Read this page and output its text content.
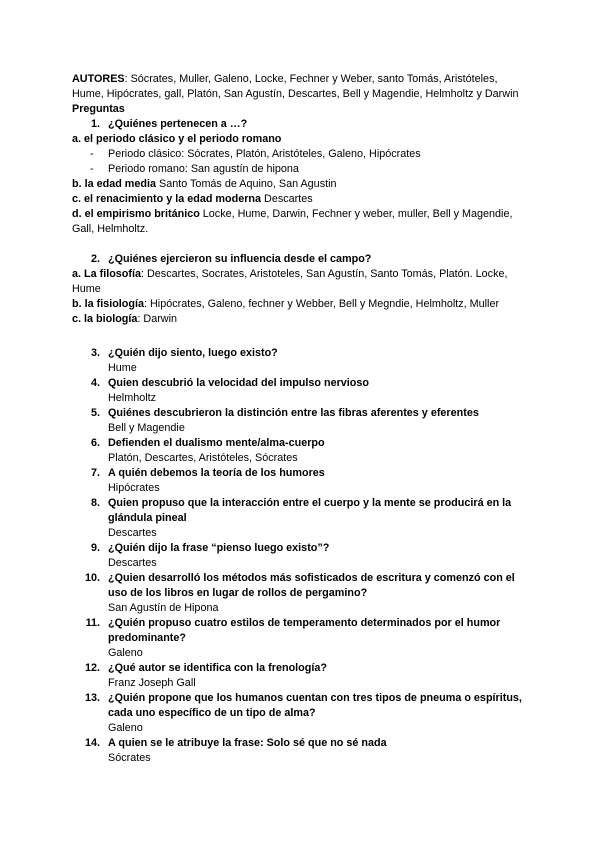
AUTORES: Sócrates, Muller, Galeno, Locke, Fechner y Weber, santo Tomás, Aristóteles, Hume, Hipócrates, gall, Platón, San Agustín, Descartes, Bell y Magendie, Helmholtz y Darwin

Preguntas

1. ¿Quiénes pertenecen a …?

a. el periodo clásico y el periodo romano

-	Periodo clásico: Sócrates, Platón, Aristóteles, Galeno, Hipócrates
-	Periodo romano: San agustín de hipona

b. la edad media Santo Tomás de Aquino, San Agustin

c. el renacimiento y la edad moderna Descartes

d. el empirismo británico Locke, Hume, Darwin, Fechner y weber, muller, Bell y Magendie, Gall, Helmholtz.

2. ¿Quiénes ejercieron su influencia desde el campo?

a. La filosofía: Descartes, Socrates, Aristoteles, San Agustín, Santo Tomás, Platón. Locke, Hume

b. la fisiología: Hipócrates, Galeno, fechner y Webber, Bell y Megndie, Helmholtz, Muller

c. la biología: Darwin

3. ¿Quién dijo siento, luego existo?
Hume
4. Quien descubrió la velocidad del impulso nervioso
Helmholtz
5. Quiénes descubrieron la distinción entre las fibras aferentes y eferentes
Bell y Magendie
6. Defienden el dualismo mente/alma-cuerpo
Platón, Descartes, Aristóteles, Sócrates
7. A quién debemos la teoría de los humores
Hipócrates
8. Quien propuso que la interacción entre el cuerpo y la mente se producirá en la glándula pineal
Descartes
9. ¿Quién dijo la frase “pienso luego existo”?
Descartes
10. ¿Quien desarrolló los métodos más sofisticados de escritura y comenzó con el uso de los libros en lugar de rollos de pergamino?
San Agustín de Hipona
11. ¿Quién propuso cuatro estilos de temperamento determinados por el humor predominante?
Galeno
12. ¿Qué autor se identifica con la frenología?
Franz Joseph Gall
13. ¿Quién propone que los humanos cuentan con tres tipos de pneuma o espíritus, cada uno específico de un tipo de alma?
Galeno
14. A quien se le atribuye la frase: Solo sé que no sé nada
Sócrates
